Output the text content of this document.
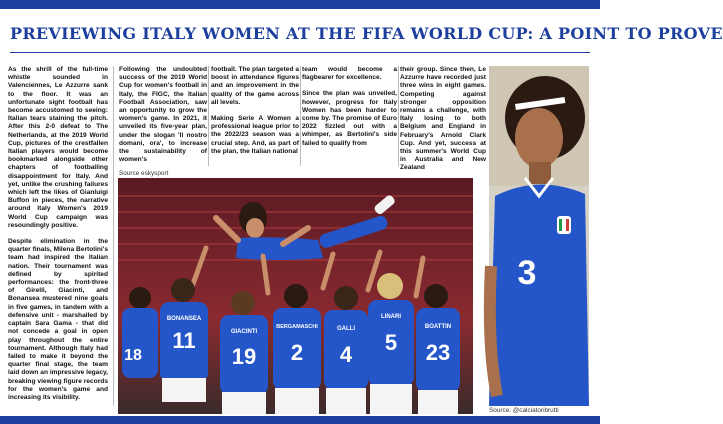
PREVIEWING ITALY WOMEN AT THE FIFA WORLD CUP: A POINT TO PROVE

As the shrill of the full-time whistle sounded in Valenciennes, Le Azzurre sank to the floor. It was an unfortunate sight football has become accustomed to seeing: Italian tears staining the pitch. After this 2-0 defeat to The Netherlands, at the 2019 World Cup, pictures of the crestfallen Italian players would become bookmarked alongside other chapters of footballing disappointment for Italy. And yet, unlike the crushing failures which left the likes of Gianluigi Buffon in pieces, the narrative around Italy Women's 2019 World Cup campaign was resoundingly positive.

Despite elimination in the quarter finals, Milena Bertolini's team had inspired the Italian nation. Their tournament was defined by spirited performances: the front-three of Girelli, Giacinti, and Bonansea mustered nine goals in five games, in tandem with a defensive unit - marshalled by captain Sara Gama - that did not concede a goal in open play throughout the entire tournament. Although Italy had failed to make it beyond the quarter final stage, the team laid down an impressive legacy, breaking viewing figure records for the women's game and increasing its visibility.

Following the undoubted success of the 2019 World Cup for women's football in Italy, the FIGC, the Italian Football Association, saw an opportunity to grow the women's game. In 2021, it unveiled its five-year plan, under the slogan 'Il nostro domani, ora', to increase the sustainability of women's

football. The plan targeted a boost in attendance figures and an improvement in the quality of the game across all levels.

Making Serie A Women a professional league prior to the 2022/23 season was a crucial step. And, as part of the plan, the Italian national

team would become a flagbearer for excellence.

Since the plan was unveiled, however, progress for Italy Women has been harder to come by. The promise of Euro 2022 fizzled out with a whimper, as Bertolini's side failed to qualify from

their group. Since then, Le Azzurre have recorded just three wins in eight games. Competing against stronger opposition remains a challenge, with Italy losing to both Belgium and England in February's Arnold Clark Cup. And yet, success at this summer's World Cup in Australia and New Zealand

Source eskysport
18
BONANSEA
11	GIACINTI
19
BERGAMASCHI
2
GALLI
4
LINARI
5
BOATTIN
23
3
Source: @calciatoribrutti
